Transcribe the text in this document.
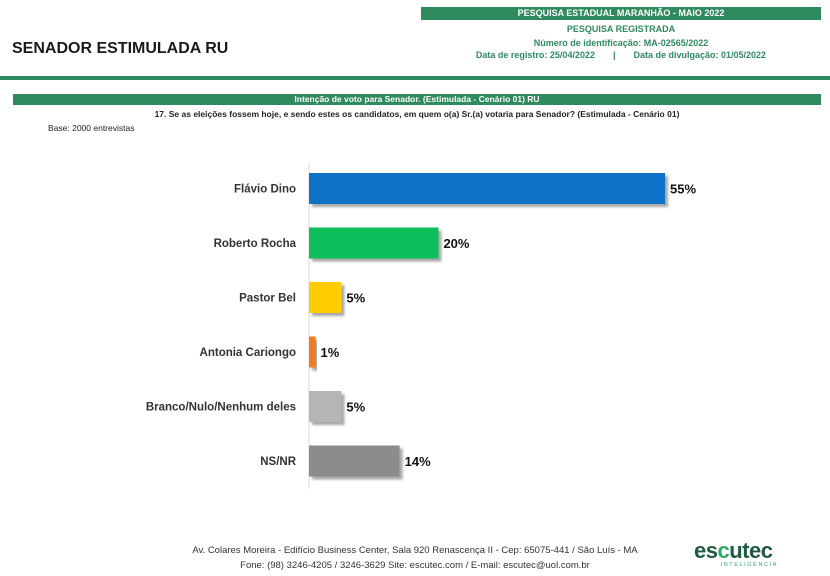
SENADOR ESTIMULADA RU
PESQUISA ESTADUAL MARANHÃO - MAIO 2022
PESQUISA REGISTRADA
Número de identificação: MA-02565/2022
Data de registro: 25/04/2022 | Data de divulgação: 01/05/2022
Intenção de voto para Senador. (Estimulada - Cenário 01) RU
17. Se as eleições fossem hoje, e sendo estes os candidatos, em quem o(a) Sr.(a) votaria para Senador? (Estimulada - Cenário 01)
Base: 2000 entrevistas
Flávio Dino	55%
Roberto Rocha	20%
Pastor Bel	5%
Antonia Cariongo 1%
Branco/Nulo/Nenhum deles	5%
NS/NR	14%
Av. Colares Moreira - Edifício Business Center, Sala 920 Renascença II - Cep: 65075-441 / São Luís - MA
Fone: (98) 3246-4205 / 3246-3629 Site: escutec.com / E-mail: escutec@uol.com.br
escutec
INTELIGÊNCIA
